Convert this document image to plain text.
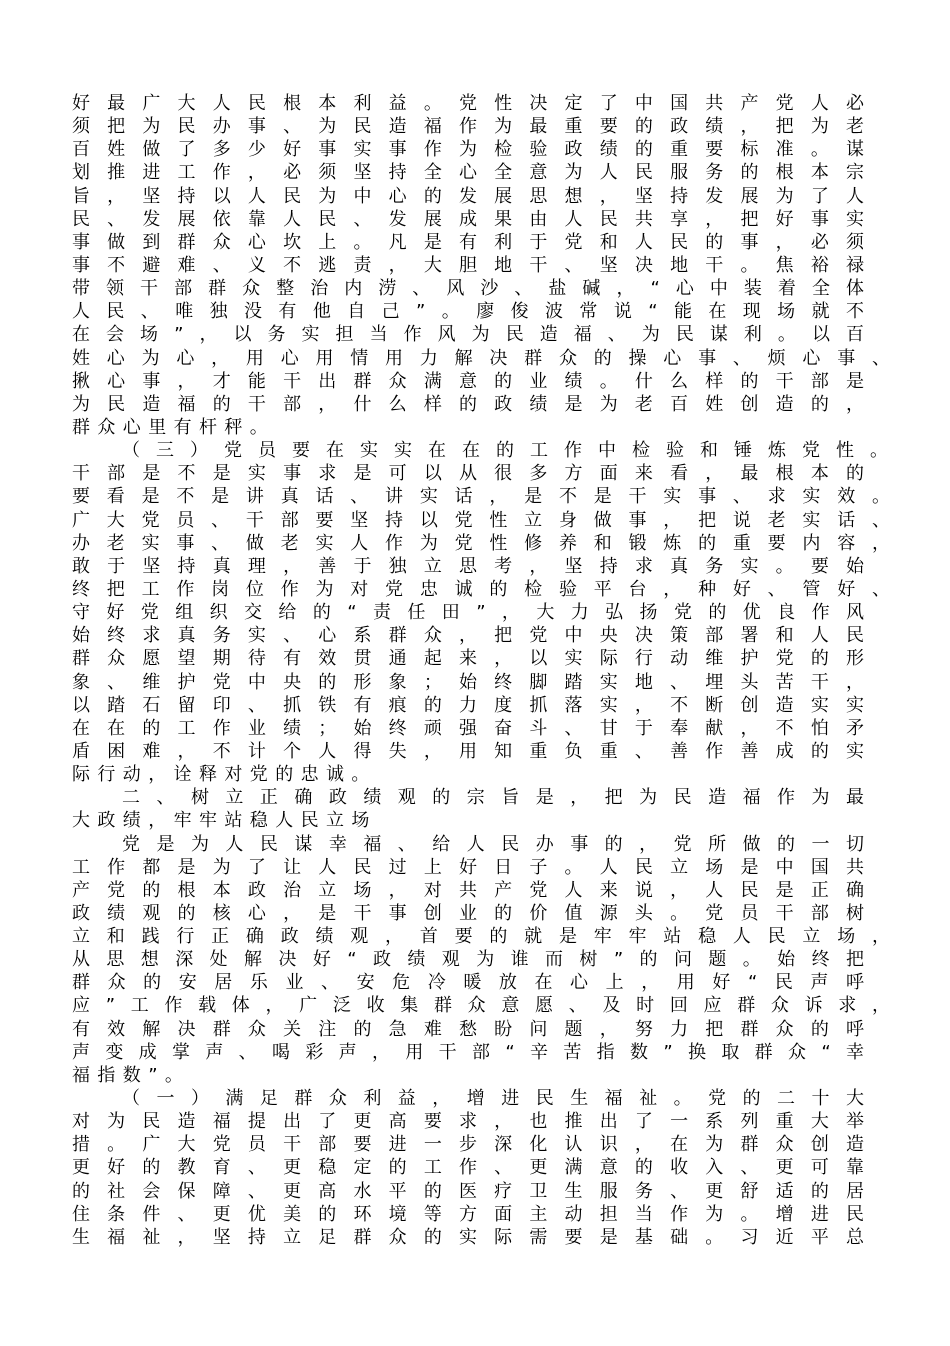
好最广大人民根本利益。党性决定了中国共产党人必
须把为民办事、为民造福作为最重要的政绩，把为老
百姓做了多少好事实事作为检验政绩的重要标准。谋
划推进工作，必须坚持全心全意为人民服务的根本宗
旨，坚持以人民为中心的发展思想，坚持发展为了人
民、发展依靠人民、发展成果由人民共享，把好事实
事做到群众心坎上。凡是有利于党和人民的事，必须
事不避难、义不逃责，大胆地干、坚决地干。焦裕禄
带领干部群众整治内涝、风沙、盐碱，“心中装着全体
人民、唯独没有他自己”。廖俊波常说“能在现场就不
在会场”，以务实担当作风为民造福、为民谋利。以百
姓心为心，用心用情用力解决群众的操心事、烦心事、
揪心事，才能干出群众满意的业绩。什么样的干部是
为民造福的干部，什么样的政绩是为老百姓创造的，
群众心里有杆秤。
（三）党员要在实实在在的工作中检验和锤炼党性。
干部是不是实事求是可以从很多方面来看，最根本的
要看是不是讲真话、讲实话，是不是干实事、求实效。
广大党员、干部要坚持以党性立身做事，把说老实话、
办老实事、做老实人作为党性修养和锻炼的重要内容，
敢于坚持真理，善于独立思考，坚持求真务实。要始
终把工作岗位作为对党忠诚的检验平台，种好、管好、
守好党组织交给的“责任田”，大力弘扬党的优良作风
始终求真务实、心系群众，把党中央决策部署和人民
群众愿望期待有效贯通起来，以实际行动维护党的形
象、维护党中央的形象；始终脚踏实地、埋头苦干，
以踏石留印、抓铁有痕的力度抓落实，不断创造实实
在在的工作业绩；始终顽强奋斗、甘于奉献，不怕矛
盾困难，不计个人得失，用知重负重、善作善成的实
际行动，诠释对党的忠诚。
二、树立正确政绩观的宗旨是，把为民造福作为最
大政绩，牢牢站稳人民立场
党是为人民谋幸福、给人民办事的，党所做的一切
工作都是为了让人民过上好日子。人民立场是中国共
产党的根本政治立场，对共产党人来说，人民是正确
政绩观的核心，是干事创业的价值源头。党员干部树
立和践行正确政绩观，首要的就是牢牢站稳人民立场，
从思想深处解决好“政绩观为谁而树”的问题。始终把
群众的安居乐业、安危冷暖放在心上，用好“民声呼
应”工作载体，广泛收集群众意愿、及时回应群众诉求，
有效解决群众关注的急难愁盼问题，努力把群众的呼
声变成掌声、喝彩声，用干部“辛苦指数”换取群众“幸
福指数”。
（一）满足群众利益，增进民生福祉。党的二十大
对为民造福提出了更高要求，也推出了一系列重大举
措。广大党员干部要进一步深化认识，在为群众创造
更好的教育、更稳定的工作、更满意的收入、更可靠
的社会保障、更高水平的医疗卫生服务、更舒适的居
住条件、更优美的环境等方面主动担当作为。增进民
生福祉，坚持立足群众的实际需要是基础。习近平总
